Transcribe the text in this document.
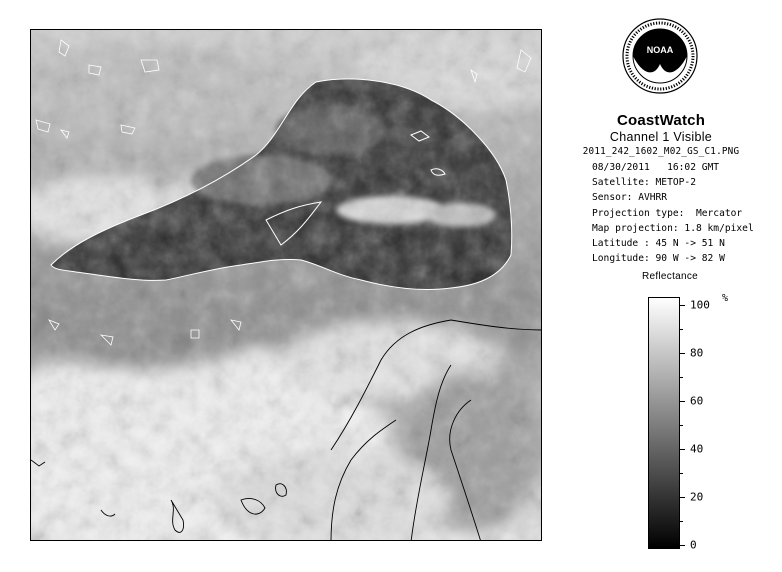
NOAA
CoastWatch
Channel 1 Visible
2011_242_1602_M02_GS_C1.PNG
08/30/2011   16:02 GMT
Satellite: METOP-2
Sensor: AVHRR
Projection type:  Mercator
Map projection: 1.8 km/pixel
Latitude : 45 N -> 51 N
Longitude: 90 W -> 82 W
Reflectance
100
80
60
40
20
0
%
